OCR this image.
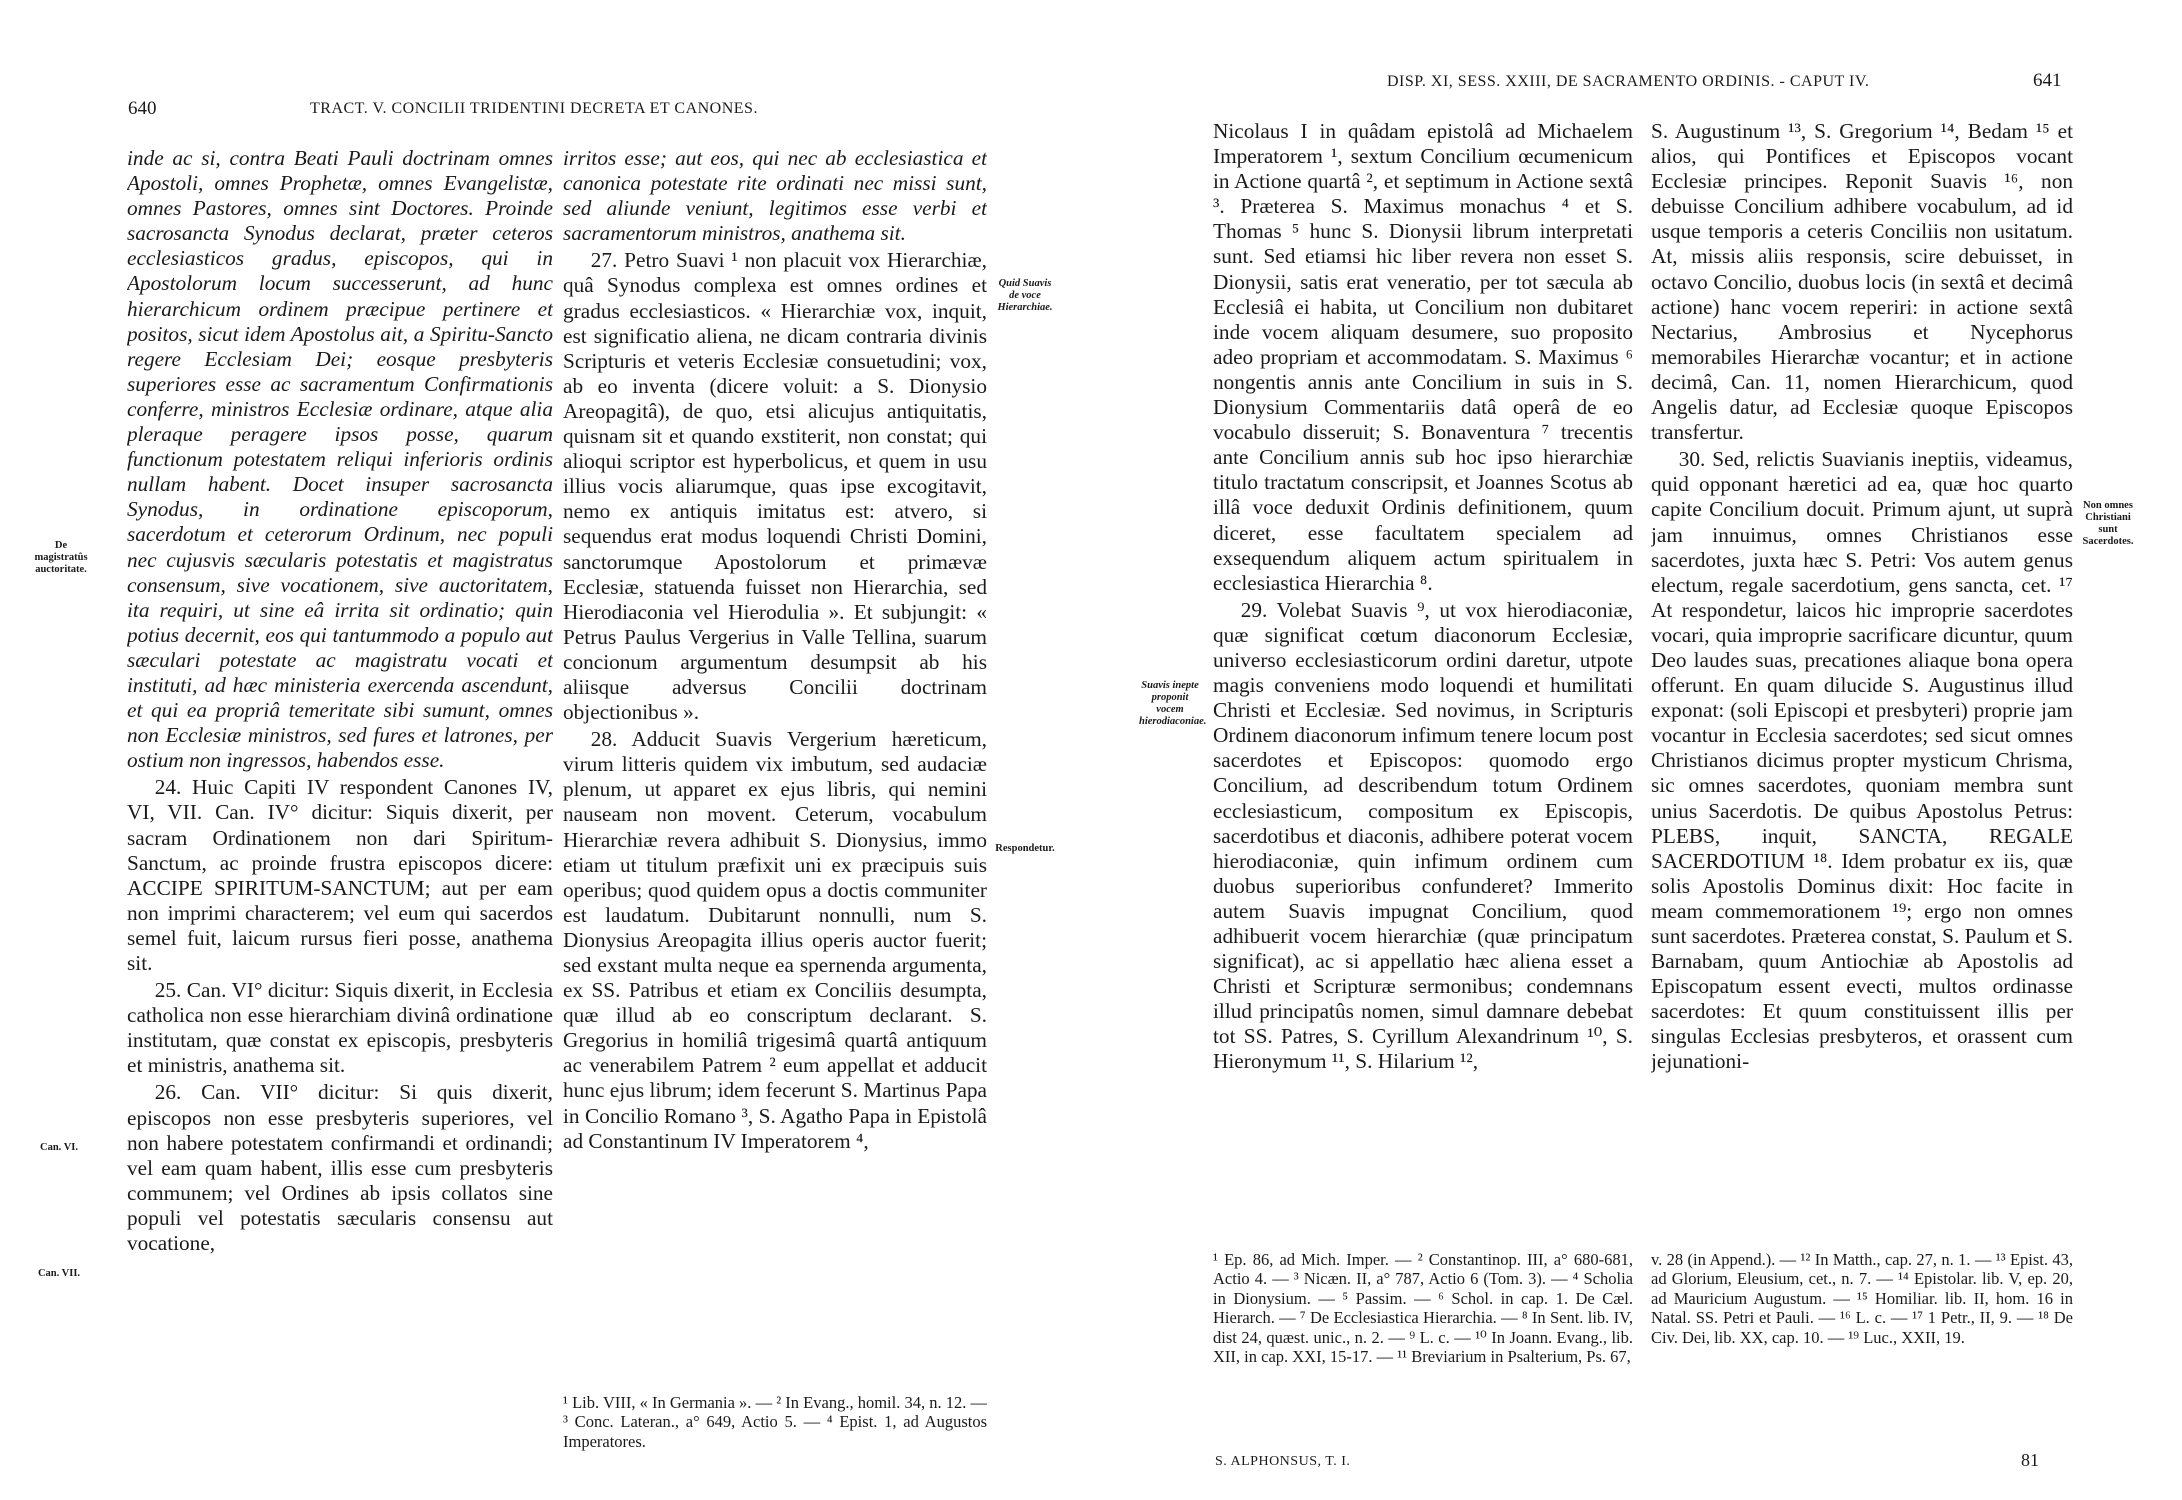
640	TRACT. V. CONCILII TRIDENTINI DECRETA ET CANONES.
De magistratûs auctoritate.
Can. VI.
Can. VII.
Quid Suavis de voce Hierarchiae.
Respondetur.

inde ac si, contra Beati Pauli doctrinam omnes Apostoli, omnes Prophetæ, omnes Evangelistæ, omnes Pastores, omnes sint Doctores. Proinde sacrosancta Synodus declarat, præter ceteros ecclesiasticos gradus, episcopos, qui in Apostolorum locum successerunt, ad hunc hierarchicum ordinem præcipue pertinere et positos, sicut idem Apostolus ait, a Spiritu-Sancto regere Ecclesiam Dei; eosque presbyteris superiores esse ac sacramentum Confirmationis conferre, ministros Ecclesiæ ordinare, atque alia pleraque peragere ipsos posse, quarum functionum potestatem reliqui inferioris ordinis nullam habent. Docet insuper sacrosancta Synodus, in ordinatione episcoporum, sacerdotum et ceterorum Ordinum, nec populi nec cujusvis sæcularis potestatis et magistratus consensum, sive vocationem, sive auctoritatem, ita requiri, ut sine eâ irrita sit ordinatio; quin potius decernit, eos qui tantummodo a populo aut sæculari potestate ac magistratu vocati et instituti, ad hæc ministeria exercenda ascendunt, et qui ea propriâ temeritate sibi sumunt, omnes non Ecclesiæ ministros, sed fures et latrones, per ostium non ingressos, habendos esse.

24. Huic Capiti IV respondent Canones IV, VI, VII. Can. IV° dicitur: Siquis dixerit, per sacram Ordinationem non dari Spiritum-Sanctum, ac proinde frustra episcopos dicere: ACCIPE SPIRITUM-SANCTUM; aut per eam non imprimi characterem; vel eum qui sacerdos semel fuit, laicum rursus fieri posse, anathema sit.

25. Can. VI° dicitur: Siquis dixerit, in Ecclesia catholica non esse hierarchiam divinâ ordinatione institutam, quæ constat ex episcopis, presbyteris et ministris, anathema sit.

26. Can. VII° dicitur: Si quis dixerit, episcopos non esse presbyteris superiores, vel non habere potestatem confirmandi et ordinandi; vel eam quam habent, illis esse cum presbyteris communem; vel Ordines ab ipsis collatos sine populi vel potestatis sæcularis consensu aut vocatione,

irritos esse; aut eos, qui nec ab ecclesiastica et canonica potestate rite ordinati nec missi sunt, sed aliunde veniunt, legitimos esse verbi et sacramentorum ministros, anathema sit.

27. Petro Suavi ¹ non placuit vox Hierarchiæ, quâ Synodus complexa est omnes ordines et gradus ecclesiasticos. « Hierarchiæ vox, inquit, est significatio aliena, ne dicam contraria divinis Scripturis et veteris Ecclesiæ consuetudini; vox, ab eo inventa (dicere voluit: a S. Dionysio Areopagitâ), de quo, etsi alicujus antiquitatis, quisnam sit et quando exstiterit, non constat; qui alioqui scriptor est hyperbolicus, et quem in usu illius vocis aliarumque, quas ipse excogitavit, nemo ex antiquis imitatus est: atvero, si sequendus erat modus loquendi Christi Domini, sanctorumque Apostolorum et primævæ Ecclesiæ, statuenda fuisset non Hierarchia, sed Hierodiaconia vel Hierodulia ». Et subjungit: « Petrus Paulus Vergerius in Valle Tellina, suarum concionum argumentum desumpsit ab his aliisque adversus Concilii doctrinam objectionibus ».

28. Adducit Suavis Vergerium hæreticum, virum litteris quidem vix imbutum, sed audaciæ plenum, ut apparet ex ejus libris, qui nemini nauseam non movent. Ceterum, vocabulum Hierarchiæ revera adhibuit S. Dionysius, immo etiam ut titulum præfixit uni ex præcipuis suis operibus; quod quidem opus a doctis communiter est laudatum. Dubitarunt nonnulli, num S. Dionysius Areopagita illius operis auctor fuerit; sed exstant multa neque ea spernenda argumenta, ex SS. Patribus et etiam ex Conciliis desumpta, quæ illud ab eo conscriptum declarant. S. Gregorius in homiliâ trigesimâ quartâ antiquum ac venerabilem Patrem ² eum appellat et adducit hunc ejus librum; idem fecerunt S. Martinus Papa in Concilio Romano ³, S. Agatho Papa in Epistolâ ad Constantinum IV Imperatorem ⁴,

¹ Lib. VIII, « In Germania ». — ² In Evang., homil. 34, n. 12. — ³ Conc. Lateran., a° 649, Actio 5. — ⁴ Epist. 1, ad Augustos Imperatores.

DISP. XI, SESS. XXIII, DE SACRAMENTO ORDINIS. - CAPUT IV.	641
Suavis inepte proponit vocem hierodiaconiae.
Non omnes Christiani sunt Sacerdotes.

Nicolaus I in quâdam epistolâ ad Michaelem Imperatorem ¹, sextum Concilium œcumenicum in Actione quartâ ², et septimum in Actione sextâ ³. Præterea S. Maximus monachus ⁴ et S. Thomas ⁵ hunc S. Dionysii librum interpretati sunt. Sed etiamsi hic liber revera non esset S. Dionysii, satis erat veneratio, per tot sæcula ab Ecclesiâ ei habita, ut Concilium non dubitaret inde vocem aliquam desumere, suo proposito adeo propriam et accommodatam. S. Maximus ⁶ nongentis annis ante Concilium in suis in S. Dionysium Commentariis datâ operâ de eo vocabulo disseruit; S. Bonaventura ⁷ trecentis ante Concilium annis sub hoc ipso hierarchiæ titulo tractatum conscripsit, et Joannes Scotus ab illâ voce deduxit Ordinis definitionem, quum diceret, esse facultatem specialem ad exsequendum aliquem actum spiritualem in ecclesiastica Hierarchia ⁸.

29. Volebat Suavis ⁹, ut vox hierodiaconiæ, quæ significat cœtum diaconorum Ecclesiæ, universo ecclesiasticorum ordini daretur, utpote magis conveniens modo loquendi et humilitati Christi et Ecclesiæ. Sed novimus, in Scripturis Ordinem diaconorum infimum tenere locum post sacerdotes et Episcopos: quomodo ergo Concilium, ad describendum totum Ordinem ecclesiasticum, compositum ex Episcopis, sacerdotibus et diaconis, adhibere poterat vocem hierodiaconiæ, quin infimum ordinem cum duobus superioribus confunderet? Immerito autem Suavis impugnat Concilium, quod adhibuerit vocem hierarchiæ (quæ principatum significat), ac si appellatio hæc aliena esset a Christi et Scripturæ sermonibus; condemnans illud principatûs nomen, simul damnare debebat tot SS. Patres, S. Cyrillum Alexandrinum ¹⁰, S. Hieronymum ¹¹, S. Hilarium ¹²,

S. Augustinum ¹³, S. Gregorium ¹⁴, Bedam ¹⁵ et alios, qui Pontifices et Episcopos vocant Ecclesiæ principes. Reponit Suavis ¹⁶, non debuisse Concilium adhibere vocabulum, ad id usque temporis a ceteris Conciliis non usitatum. At, missis aliis responsis, scire debuisset, in octavo Concilio, duobus locis (in sextâ et decimâ actione) hanc vocem reperiri: in actione sextâ Nectarius, Ambrosius et Nycephorus memorabiles Hierarchæ vocantur; et in actione decimâ, Can. 11, nomen Hierarchicum, quod Angelis datur, ad Ecclesiæ quoque Episcopos transfertur.

30. Sed, relictis Suavianis ineptiis, videamus, quid opponant hæretici ad ea, quæ hoc quarto capite Concilium docuit. Primum ajunt, ut suprà jam innuimus, omnes Christianos esse sacerdotes, juxta hæc S. Petri: Vos autem genus electum, regale sacerdotium, gens sancta, cet. ¹⁷ At respondetur, laicos hic improprie sacerdotes vocari, quia improprie sacrificare dicuntur, quum Deo laudes suas, precationes aliaque bona opera offerunt. En quam dilucide S. Augustinus illud exponat: (soli Episcopi et presbyteri) proprie jam vocantur in Ecclesia sacerdotes; sed sicut omnes Christianos dicimus propter mysticum Chrisma, sic omnes sacerdotes, quoniam membra sunt unius Sacerdotis. De quibus Apostolus Petrus: PLEBS, inquit, SANCTA, REGALE SACERDOTIUM ¹⁸. Idem probatur ex iis, quæ solis Apostolis Dominus dixit: Hoc facite in meam commemorationem ¹⁹; ergo non omnes sunt sacerdotes. Præterea constat, S. Paulum et S. Barnabam, quum Antiochiæ ab Apostolis ad Episcopatum essent evecti, multos ordinasse sacerdotes: Et quum constituissent illis per singulas Ecclesias presbyteros, et orassent cum jejunationi-

¹ Ep. 86, ad Mich. Imper. — ² Constantinop. III, a° 680-681, Actio 4. — ³ Nicæn. II, a° 787, Actio 6 (Tom. 3). — ⁴ Scholia in Dionysium. — ⁵ Passim. — ⁶ Schol. in cap. 1. De Cæl. Hierarch. — ⁷ De Ecclesiastica Hierarchia. — ⁸ In Sent. lib. IV, dist 24, quæst. unic., n. 2. — ⁹ L. c. — ¹⁰ In Joann. Evang., lib. XII, in cap. XXI, 15-17. — ¹¹ Breviarium in Psalterium, Ps. 67,

v. 28 (in Append.). — ¹² In Matth., cap. 27, n. 1. — ¹³ Epist. 43, ad Glorium, Eleusium, cet., n. 7. — ¹⁴ Epistolar. lib. V, ep. 20, ad Mauricium Augustum. — ¹⁵ Homiliar. lib. II, hom. 16 in Natal. SS. Petri et Pauli. — ¹⁶ L. c. — ¹⁷ 1 Petr., II, 9. — ¹⁸ De Civ. Dei, lib. XX, cap. 10. — ¹⁹ Luc., XXII, 19.

S. ALPHONSUS, T. I.	81
